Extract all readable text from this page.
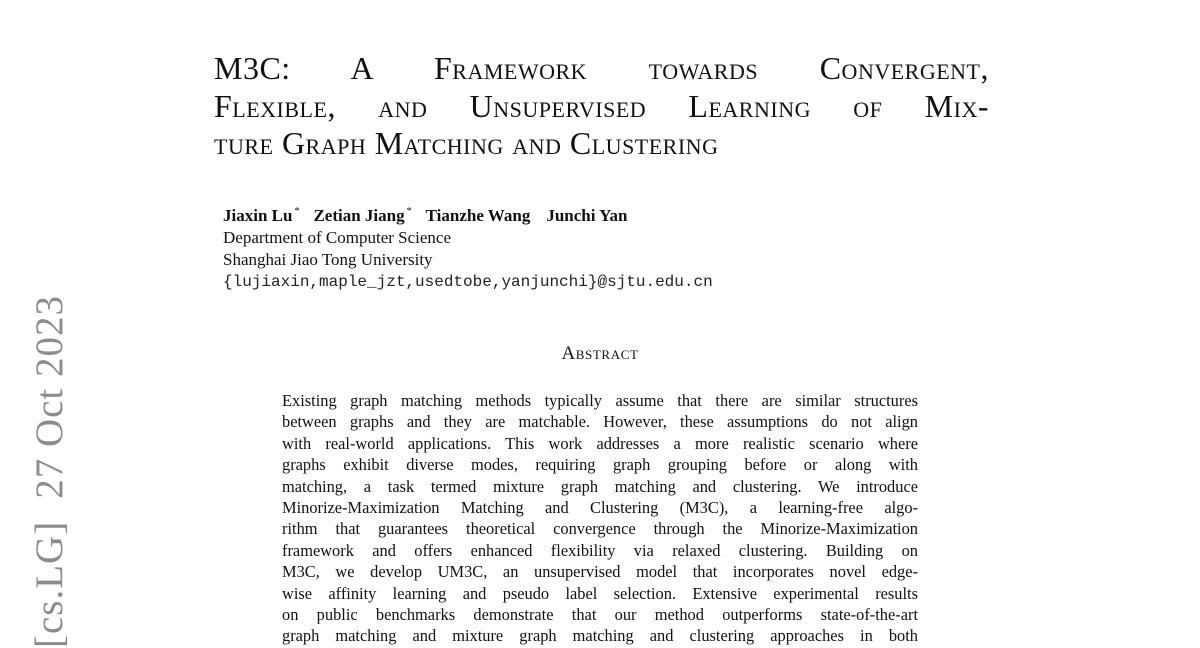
[cs.LG]27 Oct 2023
M3C: A Framework towards Convergent,
Flexible, and Unsupervised Learning of Mix-
ture Graph Matching and Clustering
Jiaxin Lu * Zetian Jiang * Tianzhe Wang Junchi Yan
Department of Computer Science
Shanghai Jiao Tong University
{lujiaxin,maple_jzt,usedtobe,yanjunchi}@sjtu.edu.cn
Abstract
Existing graph matching methods typically assume that there are similar structures
between graphs and they are matchable. However, these assumptions do not align
with real-world applications. This work addresses a more realistic scenario where
graphs exhibit diverse modes, requiring graph grouping before or along with
matching, a task termed mixture graph matching and clustering. We introduce
Minorize-Maximization Matching and Clustering (M3C), a learning-free algo-
rithm that guarantees theoretical convergence through the Minorize-Maximization
framework and offers enhanced flexibility via relaxed clustering. Building on
M3C, we develop UM3C, an unsupervised model that incorporates novel edge-
wise affinity learning and pseudo label selection. Extensive experimental results
on public benchmarks demonstrate that our method outperforms state-of-the-art
graph matching and mixture graph matching and clustering approaches in both
